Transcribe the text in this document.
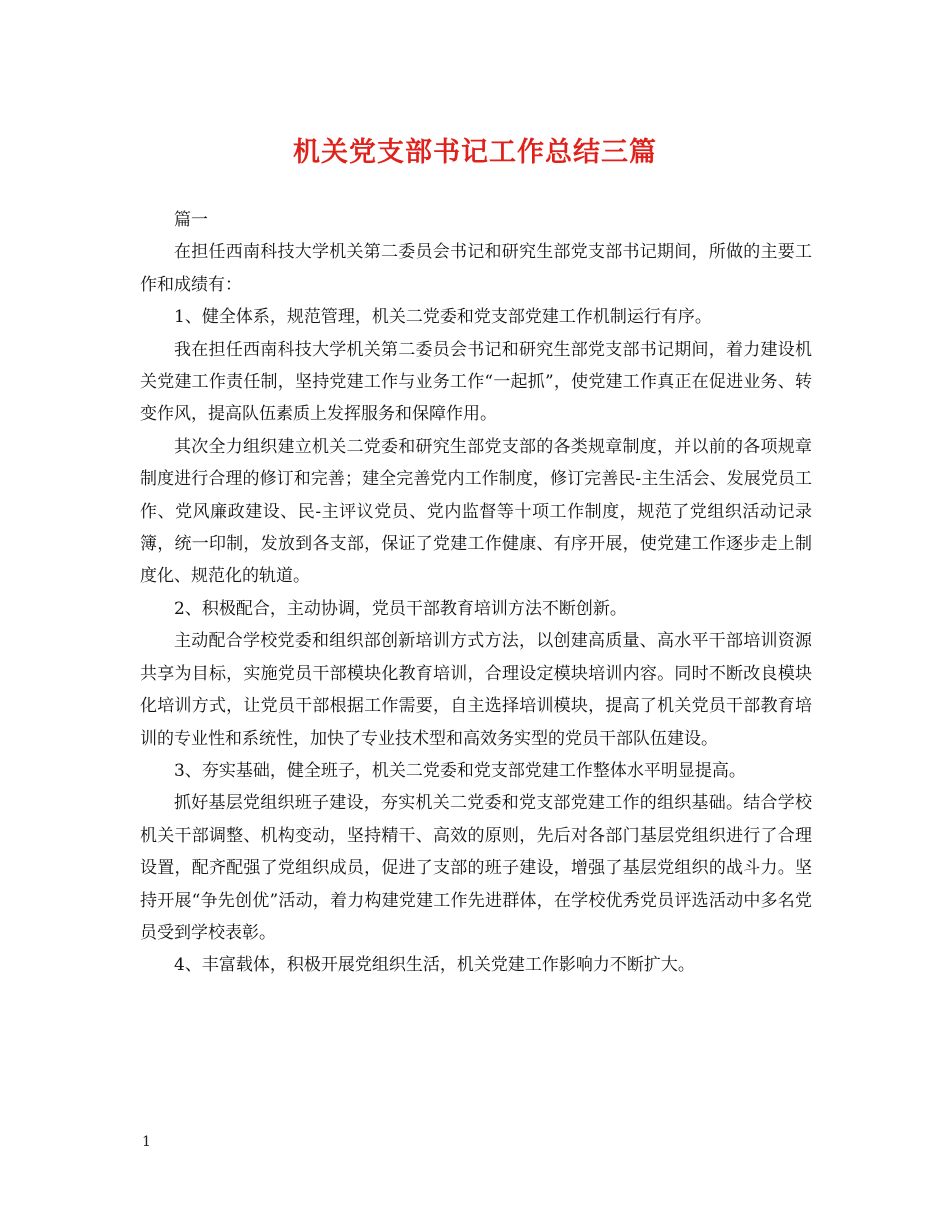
机关党支部书记工作总结三篇

篇一

在担任西南科技大学机关第二委员会书记和研究生部党支部书记期间，所做的主要工作和成绩有：

1、健全体系，规范管理，机关二党委和党支部党建工作机制运行有序。

我在担任西南科技大学机关第二委员会书记和研究生部党支部书记期间，着力建设机关党建工作责任制，坚持党建工作与业务工作“一起抓”，使党建工作真正在促进业务、转变作风，提高队伍素质上发挥服务和保障作用。

其次全力组织建立机关二党委和研究生部党支部的各类规章制度，并以前的各项规章制度进行合理的修订和完善；建全完善党内工作制度，修订完善民-主生活会、发展党员工作、党风廉政建设、民-主评议党员、党内监督等十项工作制度，规范了党组织活动记录簿，统一印制，发放到各支部，保证了党建工作健康、有序开展，使党建工作逐步走上制度化、规范化的轨道。

2、积极配合，主动协调，党员干部教育培训方法不断创新。

主动配合学校党委和组织部创新培训方式方法，以创建高质量、高水平干部培训资源共享为目标，实施党员干部模块化教育培训，合理设定模块培训内容。同时不断改良模块化培训方式，让党员干部根据工作需要，自主选择培训模块，提高了机关党员干部教育培训的专业性和系统性，加快了专业技术型和高效务实型的党员干部队伍建设。

3、夯实基础，健全班子，机关二党委和党支部党建工作整体水平明显提高。

抓好基层党组织班子建设，夯实机关二党委和党支部党建工作的组织基础。结合学校机关干部调整、机构变动，坚持精干、高效的原则，先后对各部门基层党组织进行了合理设置，配齐配强了党组织成员，促进了支部的班子建设，增强了基层党组织的战斗力。坚持开展“争先创优”活动，着力构建党建工作先进群体，在学校优秀党员评选活动中多名党员受到学校表彰。

4、丰富载体，积极开展党组织生活，机关党建工作影响力不断扩大。

1
